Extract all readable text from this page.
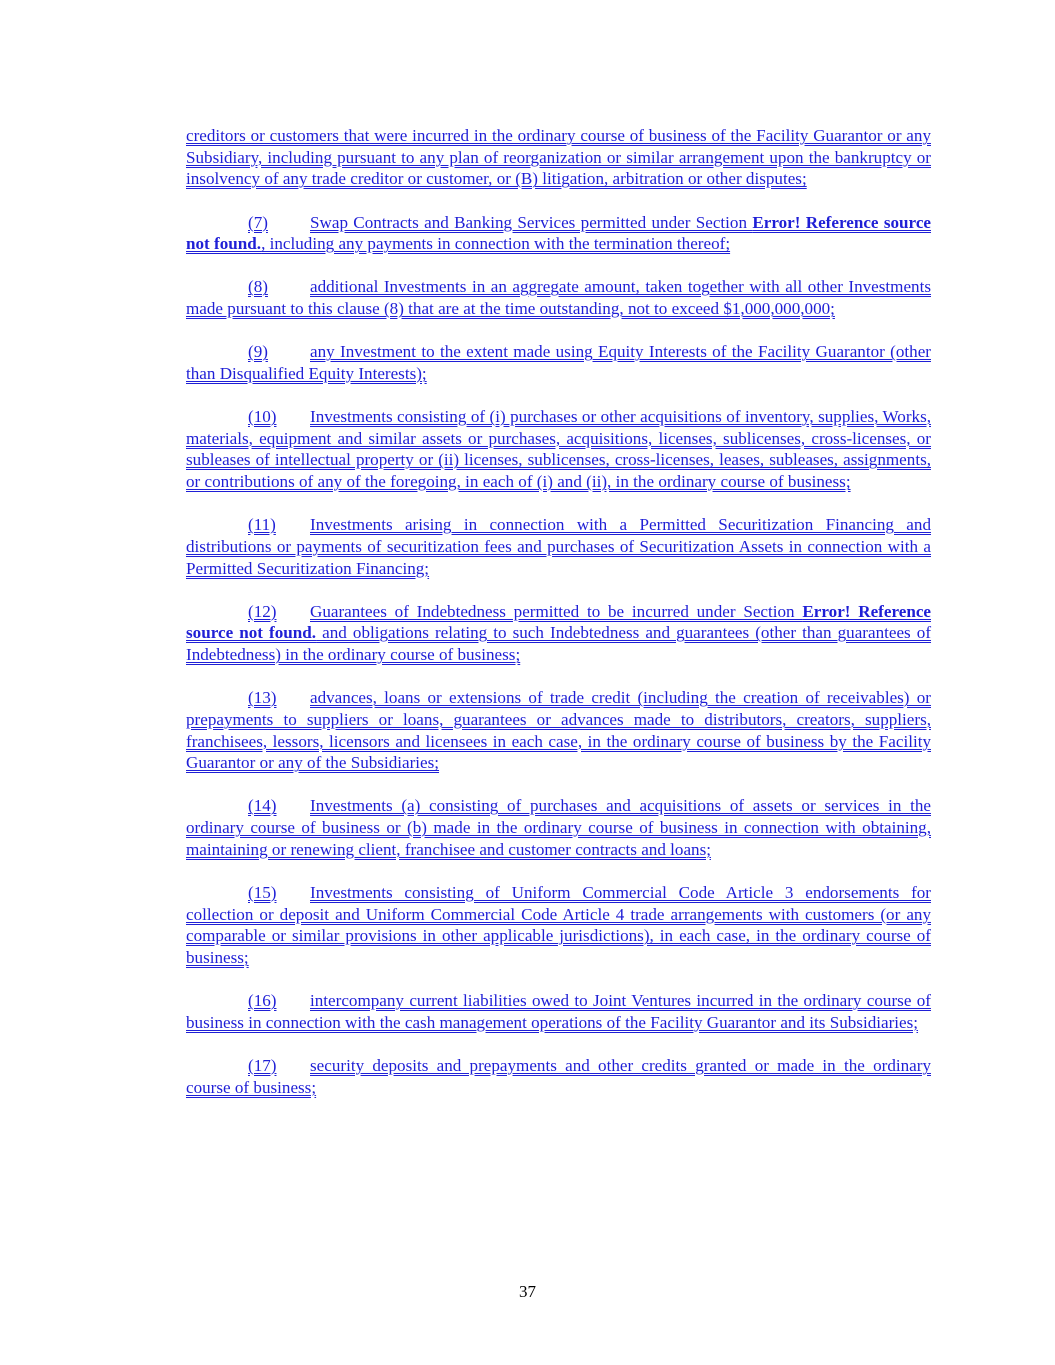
creditors or customers that were incurred in the ordinary course of business of the Facility Guarantor or any Subsidiary, including pursuant to any plan of reorganization or similar arrangement upon the bankruptcy or insolvency of any trade creditor or customer, or (B) litigation, arbitration or other disputes;

(7) Swap Contracts and Banking Services permitted under Section Error! Reference source not found., including any payments in connection with the termination thereof;

(8) additional Investments in an aggregate amount, taken together with all other Investments made pursuant to this clause (8) that are at the time outstanding, not to exceed $1,000,000,000;

(9) any Investment to the extent made using Equity Interests of the Facility Guarantor (other than Disqualified Equity Interests);

(10) Investments consisting of (i) purchases or other acquisitions of inventory, supplies, Works, materials, equipment and similar assets or purchases, acquisitions, licenses, sublicenses, cross-licenses, or subleases of intellectual property or (ii) licenses, sublicenses, cross-licenses, leases, subleases, assignments, or contributions of any of the foregoing, in each of (i) and (ii), in the ordinary course of business;

(11) Investments arising in connection with a Permitted Securitization Financing and distributions or payments of securitization fees and purchases of Securitization Assets in connection with a Permitted Securitization Financing;

(12) Guarantees of Indebtedness permitted to be incurred under Section Error! Reference source not found. and obligations relating to such Indebtedness and guarantees (other than guarantees of Indebtedness) in the ordinary course of business;

(13) advances, loans or extensions of trade credit (including the creation of receivables) or prepayments to suppliers or loans, guarantees or advances made to distributors, creators, suppliers, franchisees, lessors, licensors and licensees in each case, in the ordinary course of business by the Facility Guarantor or any of the Subsidiaries;

(14) Investments (a) consisting of purchases and acquisitions of assets or services in the ordinary course of business or (b) made in the ordinary course of business in connection with obtaining, maintaining or renewing client, franchisee and customer contracts and loans;

(15) Investments consisting of Uniform Commercial Code Article 3 endorsements for collection or deposit and Uniform Commercial Code Article 4 trade arrangements with customers (or any comparable or similar provisions in other applicable jurisdictions), in each case, in the ordinary course of business;

(16) intercompany current liabilities owed to Joint Ventures incurred in the ordinary course of business in connection with the cash management operations of the Facility Guarantor and its Subsidiaries;

(17) security deposits and prepayments and other credits granted or made in the ordinary course of business;

37
